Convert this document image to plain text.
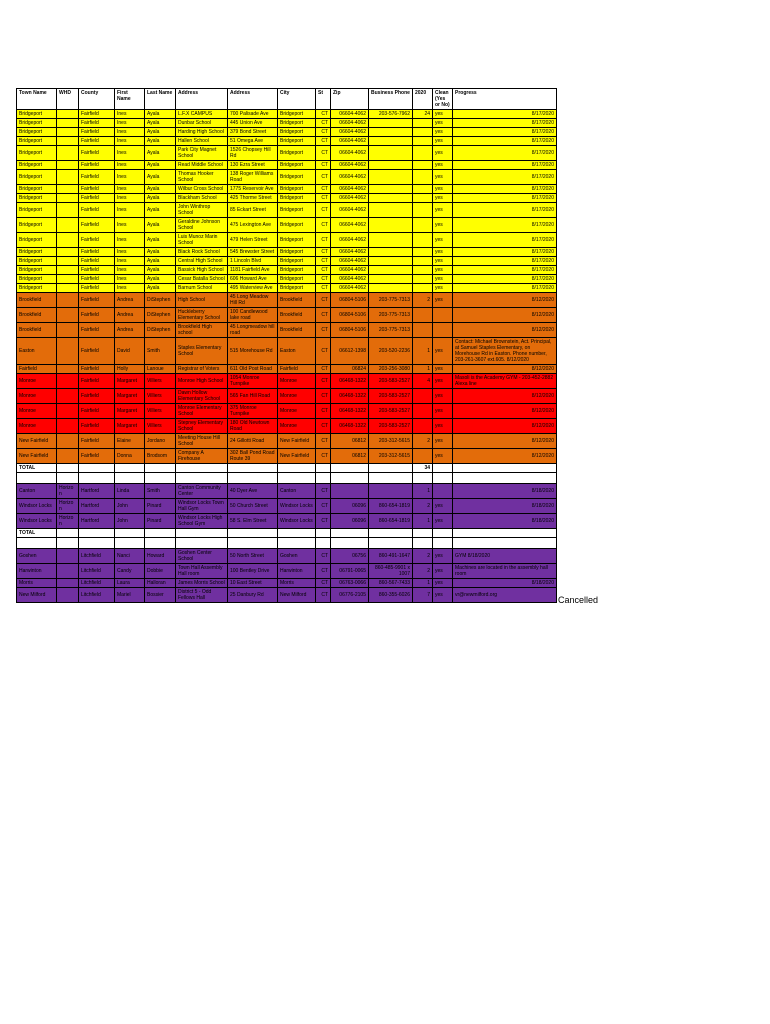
Town Name	WHD	County	First Name	Last Name	Address	Address	City	St	Zip	Business Phone	2020	Clean (Yes or No)	Progress
Bridgeport		Fairfield	Ines	Ayala	L.F.X CAMPUS	700 Palisade Ave	Bridgeport	CT	06604-4062	203-576-7962	24	yes	8/17/2020
Bridgeport		Fairfield	Ines	Ayala	Dunbar School	445 Union Ave	Bridgeport	CT	06604-4062			yes	8/17/2020
Bridgeport		Fairfield	Ines	Ayala	Harding High School	379 Bond Street	Bridgeport	CT	06604-4062			yes	8/17/2020
Bridgeport		Fairfield	Ines	Ayala	Hallen School	51 Omega Ave	Bridgeport	CT	06604-4062			yes	8/17/2020
Bridgeport		Fairfield	Ines	Ayala	Park City Magnet School	1526 Chopsey Hill Rd	Bridgeport	CT	06604-4062			yes	8/17/2020
Bridgeport		Fairfield	Ines	Ayala	Read Middle School	130 Ezra Street	Bridgeport	CT	06604-4062			yes	8/17/2020
Bridgeport		Fairfield	Ines	Ayala	Thomas Hooker School	138 Roger Williams Road	Bridgeport	CT	06604-4062			yes	8/17/2020
Bridgeport		Fairfield	Ines	Ayala	Wilbur Cross School	1775 Reservoir Ave	Bridgeport	CT	06604-4062			yes	8/17/2020
Bridgeport		Fairfield	Ines	Ayala	Blackham School	425 Thorme Street	Bridgeport	CT	06604-4062			yes	8/17/2020
Bridgeport		Fairfield	Ines	Ayala	John Winthrop School	85 Eckart Street	Bridgeport	CT	06604-4062			yes	8/17/2020
Bridgeport		Fairfield	Ines	Ayala	Geraldine Johnson School	475 Lexington Ave	Bridgeport	CT	06604-4062			yes	8/17/2020
Bridgeport		Fairfield	Ines	Ayala	Luis Munoz Marin School	479 Helen Street	Bridgeport	CT	06604-4062			yes	8/17/2020
Bridgeport		Fairfield	Ines	Ayala	Black Rock School	545 Brewster Street	Bridgeport	CT	06604-4062			yes	8/17/2020
Bridgeport		Fairfield	Ines	Ayala	Central High School	1 Lincoln Blvd	Bridgeport	CT	06604-4062			yes	8/17/2020
Bridgeport		Fairfield	Ines	Ayala	Bassick High School	1181 Fairfield Ave	Bridgeport	CT	06604-4062			yes	8/17/2020
Bridgeport		Fairfield	Ines	Ayala	Cesar Batalla School	606 Howard Ave	Bridgeport	CT	06604-4062			yes	8/17/2020
Bridgeport		Fairfield	Ines	Ayala	Barnum School	495 Waterview Ave	Bridgeport	CT	06604-4062			yes	8/17/2020
Brookfield		Fairfield	Andrea	DiStephen	High School	45 Long Meadow Hill Rd	Brookfield	CT	06804-5106	203-775-7313	2	yes	8/12/2020
Brookfield		Fairfield	Andrea	DiStephen	Huckleberry Elementary School	100 Candlewood lake road	Brookfield	CT	06804-5106	203-775-7313			8/12/2020
Brookfield		Fairfield	Andrea	DiStephen	Brookfield High school	45 Longmeadow hill road	Brookfield	CT	06804-5106	203-775-7313			8/12/2020
Easton		Fairfield	David	Smith	Staples Elementary School	515 Morehouse Rd	Easton	CT	06612-1398	203-520-2236	1	yes	Contact: Michael Brownstein, Act. Principal, at Samuel Staples Elementary, on Morehouse Rd in Easton. Phone number, 203-261-3607 ext.605. 8/12/2020
Fairfield		Fairfield	Holly	Lanoue	Registrar of Voters	611 Old Post Road	Fairfield	CT	06824	203-256-3080	1	yes	8/12/2020
Monroe		Fairfield	Margaret	Villiers	Monroe High School	1054 Monroe Turnpike	Monroe	CT	06468-1322	203-583-2527	4	yes	Masoli is the Academy GYM - 203-452-2882 Alexa line
Monroe		Fairfield	Margaret	Villiers	Dawn Hollow Elementary School	565 Fan Hill Road	Monroe	CT	06468-1322	203-583-2527		yes	8/12/2020
Monroe		Fairfield	Margaret	Villiers	Monroe Elementary School	375 Monroe Turnpike	Monroe	CT	06468-1322	203-583-2527		yes	8/12/2020
Monroe		Fairfield	Margaret	Villiers	Stepney Elementary School	180 Old Newtown Road	Monroe	CT	06468-1322	203-583-2527		yes	8/12/2020
New Fairfield		Fairfield	Elaine	Jordano	Meeting House Hill School	24 Gillotti Road	New Fairfield	CT	06812	203-312-5615	2	yes	8/12/2020
New Fairfield		Fairfield	Donna	Brodsom	Company A Firehouse	302 Ball Pond Road Route 39	New Fairfield	CT	06812	203-312-5615		yes	8/12/2020
TOTAL											34		

Canton	Horizon	Hartford	Linda	Smith	Canton Community Center	40 Dyer Ave	Canton	CT			1		8/18/2020
Windsor Locks	Horizon	Hartford	John	Pinard	Windsor Locks Town Hall Gym	50 Church Street	Windsor Locks	CT	06096	860-654-1819	2	yes	8/18/2020
Windsor Locks	Horizon	Hartford	John	Pinard	Windsor Locks High School Gym	58 S. Elm Street	Windsor Locks	CT	06096	860-654-1819	1	yes	8/18/2020
TOTAL													

Goshen		Litchfield	Nanci	Howard	Goshen Center School	50 North Street	Goshen	CT	06756	860-491-1647	2	yes	GYM 8/18/2020
Harwinton		Litchfield	Candy	Dobbie	Town Hall Assembly Hall room	100 Bentley Drive	Harwinton	CT	06791-0065	860-485-9901 x 1007	2	yes	Machines are located in the assembly hall room
Morris		Litchfield	Laura	Halloran	James Morris School	10 East Street	Morris	CT	06763-0066	860-567-7433	1	yes	8/18/2020
New Milford		Litchfield	Mariel	Bossier	District 5 - Odd Fellows Hall	25 Danbury Rd	New Milford	CT	06776-2105	860-355-6026	7	yes	vr@newmilford.org	Cancelled
